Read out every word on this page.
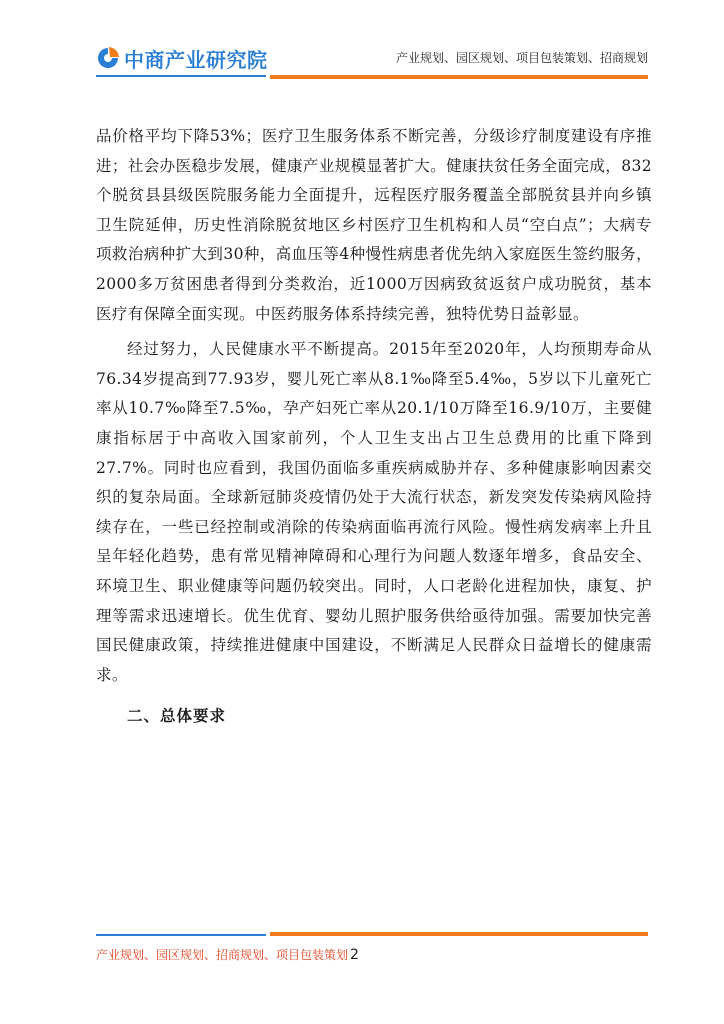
中商产业研究院	产业规划、园区规划、项目包装策划、招商规划

品价格平均下降53%；医疗卫生服务体系不断完善，分级诊疗制度建设有序推进；社会办医稳步发展，健康产业规模显著扩大。健康扶贫任务全面完成，832个脱贫县县级医院服务能力全面提升，远程医疗服务覆盖全部脱贫县并向乡镇卫生院延伸，历史性消除脱贫地区乡村医疗卫生机构和人员“空白点”；大病专项救治病种扩大到30种，高血压等4种慢性病患者优先纳入家庭医生签约服务，2000多万贫困患者得到分类救治，近1000万因病致贫返贫户成功脱贫，基本医疗有保障全面实现。中医药服务体系持续完善，独特优势日益彰显。

经过努力，人民健康水平不断提高。2015年至2020年，人均预期寿命从76.34岁提高到77.93岁，婴儿死亡率从8.1‰降至5.4‰，5岁以下儿童死亡率从10.7‰降至7.5‰，孕产妇死亡率从20.1/10万降至16.9/10万，主要健康指标居于中高收入国家前列，个人卫生支出占卫生总费用的比重下降到27.7%。同时也应看到，我国仍面临多重疾病威胁并存、多种健康影响因素交织的复杂局面。全球新冠肺炎疫情仍处于大流行状态，新发突发传染病风险持续存在，一些已经控制或消除的传染病面临再流行风险。慢性病发病率上升且呈年轻化趋势，患有常见精神障碍和心理行为问题人数逐年增多，食品安全、环境卫生、职业健康等问题仍较突出。同时，人口老龄化进程加快，康复、护理等需求迅速增长。优生优育、婴幼儿照护服务供给亟待加强。需要加快完善国民健康政策，持续推进健康中国建设，不断满足人民群众日益增长的健康需求。

二、总体要求
产业规划、园区规划、招商规划、项目包装策划 2
